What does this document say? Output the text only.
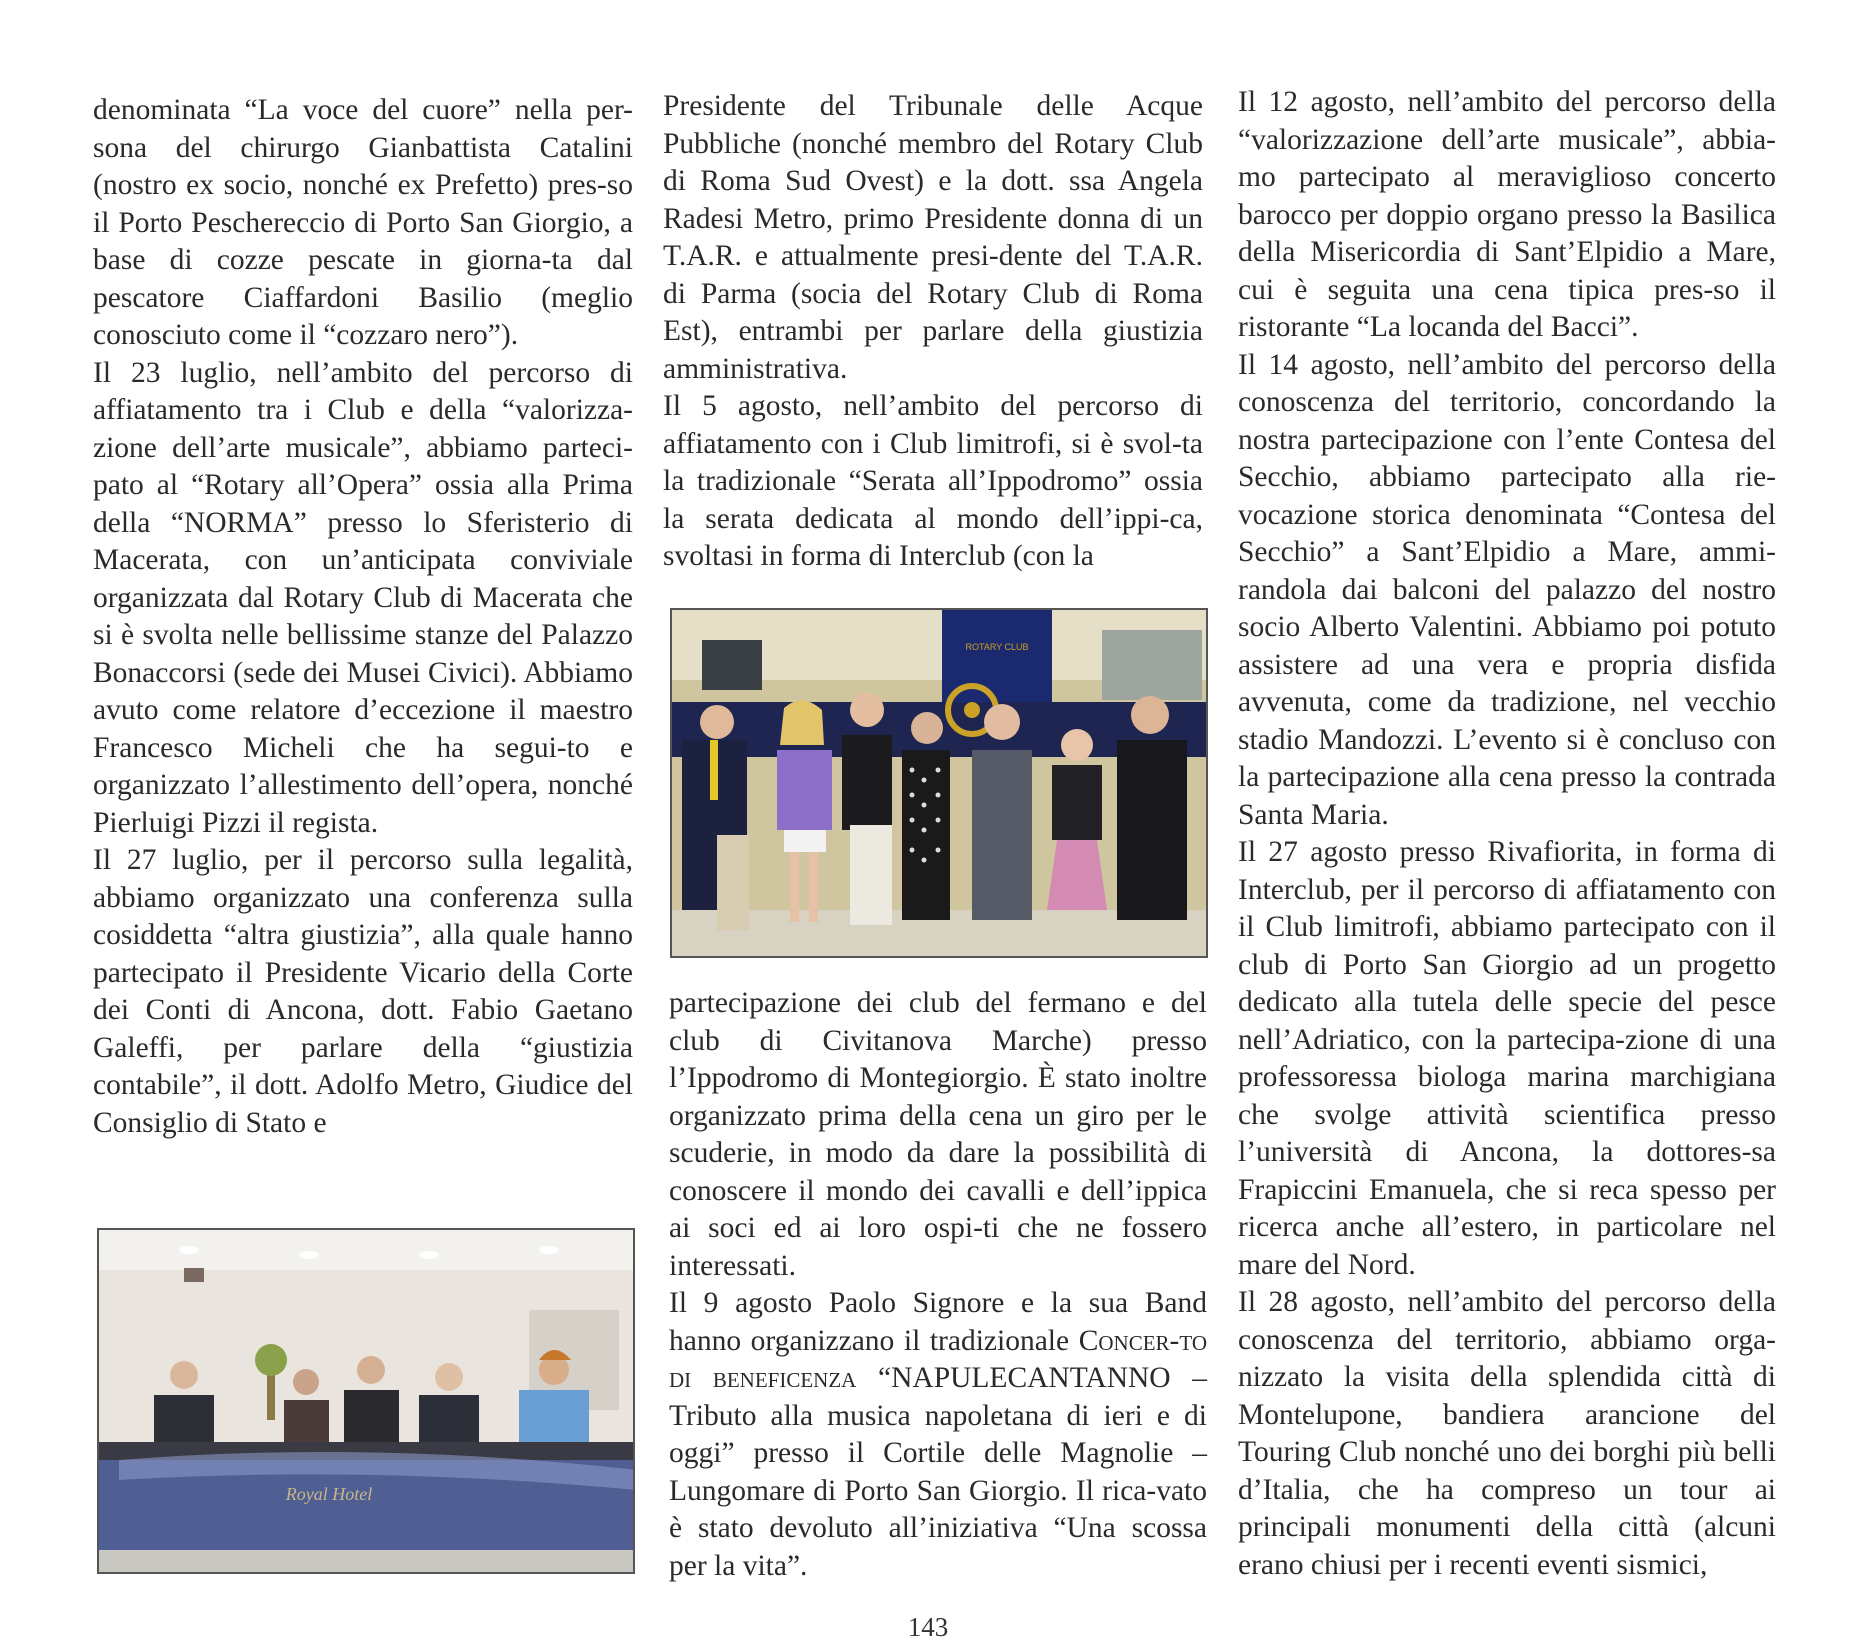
denominata “La voce del cuore” nella per-sona del chirurgo Gianbattista Catalini (nostro ex socio, nonché ex Prefetto) pres-so il Porto Peschereccio di Porto San Giorgio, a base di cozze pescate in giorna-ta dal pescatore Ciaffardoni Basilio (meglio conosciuto come il “cozzaro nero”).
Il 23 luglio, nell’ambito del percorso di affiatamento tra i Club e della “valorizza-zione dell’arte musicale”, abbiamo parteci-pato al “Rotary all’Opera” ossia alla Prima della “NORMA” presso lo Sferisterio di Macerata, con un’anticipata conviviale organizzata dal Rotary Club di Macerata che si è svolta nelle bellissime stanze del Palazzo Bonaccorsi (sede dei Musei Civici). Abbiamo avuto come relatore d’eccezione il maestro Francesco Micheli che ha segui-to e organizzato l’allestimento dell’opera, nonché Pierluigi Pizzi il regista.
Il 27 luglio, per il percorso sulla legalità, abbiamo organizzato una conferenza sulla cosiddetta “altra giustizia”, alla quale hanno partecipato il Presidente Vicario della Corte dei Conti di Ancona, dott. Fabio Gaetano Galeffi, per parlare della “giustizia contabile”, il dott. Adolfo Metro, Giudice del Consiglio di Stato e
Presidente del Tribunale delle Acque Pubbliche (nonché membro del Rotary Club di Roma Sud Ovest) e la dott. ssa Angela Radesi Metro, primo Presidente donna di un T.A.R. e attualmente presi-dente del T.A.R. di Parma (socia del Rotary Club di Roma Est), entrambi per parlare della giustizia amministrativa.
Il 5 agosto, nell’ambito del percorso di affiatamento con i Club limitrofi, si è svol-ta la tradizionale “Serata all’Ippodromo” ossia la serata dedicata al mondo dell’ippi-ca, svoltasi in forma di Interclub (con la
ROTARY CLUB

partecipazione dei club del fermano e del club di Civitanova Marche) presso l’Ippodromo di Montegiorgio. È stato inoltre organizzato prima della cena un giro per le scuderie, in modo da dare la possibilità di conoscere il mondo dei cavalli e dell’ippica ai soci ed ai loro ospi-ti che ne fossero interessati.
Il 9 agosto Paolo Signore e la sua Band hanno organizzano il tradizionale Concer-to di beneficenza “NAPULECANTANNO – Tributo alla musica napoletana di ieri e di oggi” presso il Cortile delle Magnolie – Lungomare di Porto San Giorgio. Il rica-vato è stato devoluto all’iniziativa “Una scossa per la vita”.

Il 12 agosto, nell’ambito del percorso della “valorizzazione dell’arte musicale”, abbia-mo partecipato al meraviglioso concerto barocco per doppio organo presso la Basilica della Misericordia di Sant’Elpidio a Mare, cui è seguita una cena tipica pres-so il ristorante “La locanda del Bacci”.
Il 14 agosto, nell’ambito del percorso della conoscenza del territorio, concordando la nostra partecipazione con l’ente Contesa del Secchio, abbiamo partecipato alla rie-vocazione storica denominata “Contesa del Secchio” a Sant’Elpidio a Mare, ammi-randola dai balconi del palazzo del nostro socio Alberto Valentini. Abbiamo poi potuto assistere ad una vera e propria disfida avvenuta, come da tradizione, nel vecchio stadio Mandozzi. L’evento si è concluso con la partecipazione alla cena presso la contrada Santa Maria.
Il 27 agosto presso Rivafiorita, in forma di Interclub, per il percorso di affiatamento con il Club limitrofi, abbiamo partecipato con il club di Porto San Giorgio ad un progetto dedicato alla tutela delle specie del pesce nell’Adriatico, con la partecipa-zione di una professoressa biologa marina marchigiana che svolge attività scientifica presso l’università di Ancona, la dottores-sa Frapiccini Emanuela, che si reca spesso per ricerca anche all’estero, in particolare nel mare del Nord.
Il 28 agosto, nell’ambito del percorso della conoscenza del territorio, abbiamo orga-nizzato la visita della splendida città di Montelupone, bandiera arancione del Touring Club nonché uno dei borghi più belli d’Italia, che ha compreso un tour ai principali monumenti della città (alcuni erano chiusi per i recenti eventi sismici,
Royal Hotel
143
